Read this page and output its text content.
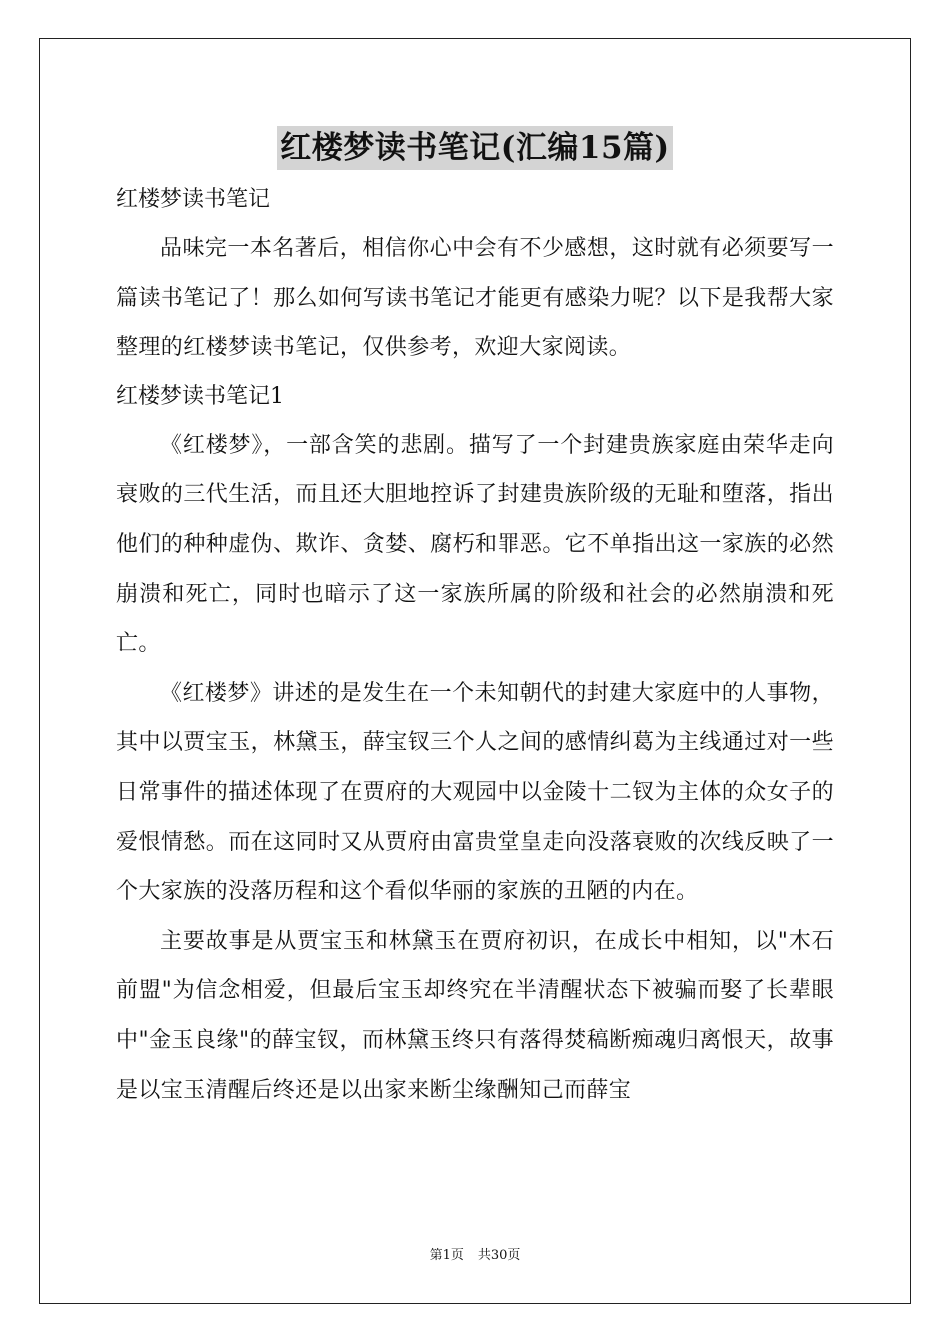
红楼梦读书笔记(汇编15篇)

红楼梦读书笔记

品味完一本名著后，相信你心中会有不少感想，这时就有必须要写一篇读书笔记了！那么如何写读书笔记才能更有感染力呢？以下是我帮大家整理的红楼梦读书笔记，仅供参考，欢迎大家阅读。

红楼梦读书笔记1

《红楼梦》，一部含笑的悲剧。描写了一个封建贵族家庭由荣华走向衰败的三代生活，而且还大胆地控诉了封建贵族阶级的无耻和堕落，指出他们的种种虚伪、欺诈、贪婪、腐朽和罪恶。它不单指出这一家族的必然崩溃和死亡，同时也暗示了这一家族所属的阶级和社会的必然崩溃和死亡。

《红楼梦》讲述的是发生在一个未知朝代的封建大家庭中的人事物，其中以贾宝玉，林黛玉，薛宝钗三个人之间的感情纠葛为主线通过对一些日常事件的描述体现了在贾府的大观园中以金陵十二钗为主体的众女子的爱恨情愁。而在这同时又从贾府由富贵堂皇走向没落衰败的次线反映了一个大家族的没落历程和这个看似华丽的家族的丑陋的内在。

主要故事是从贾宝玉和林黛玉在贾府初识，在成长中相知，以"木石前盟"为信念相爱，但最后宝玉却终究在半清醒状态下被骗而娶了长辈眼中"金玉良缘"的薛宝钗，而林黛玉终只有落得焚稿断痴魂归离恨天，故事是以宝玉清醒后终还是以出家来断尘缘酬知己而薛宝

第1页 共30页
